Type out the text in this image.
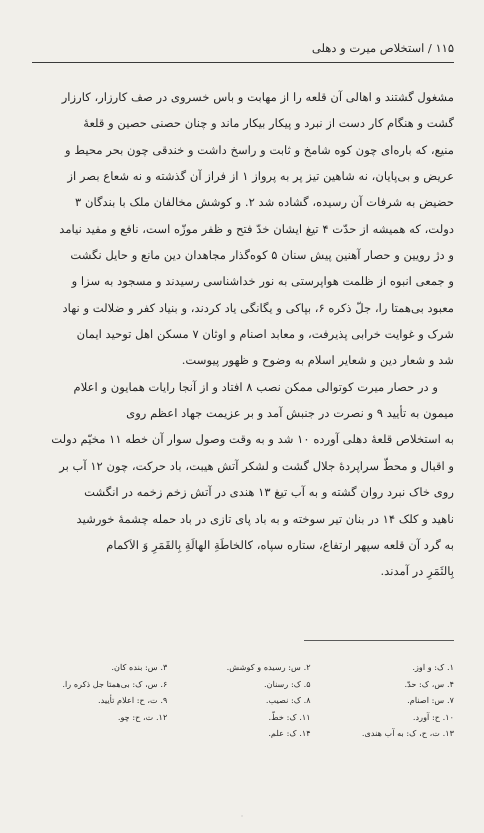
۱۱۵ / استخلاص میرت و دهلی
مشغول گشتند و اهالی آن قلعه را از مهابت و باس خسروی در صف کارزار، کارزار
گشت و هنگام کار دست از نبرد و پیکار بیکار ماند و چنان حصنی حصین و قلعهٔ
منیع، که باره‌ای چون کوه شامخ و ثابت و راسخ داشت و خندقی چون بحر محیط و
عریض و بی‌پایان، نه شاهین تیز پر به پرواز ۱ از فراز آن گذشته و نه شعاع بصر از
حضیض به شرفات آن رسیده، گشاده شد ۲. و کوشش مخالفان ملک با بندگان ۳
دولت، که همیشه از حدّت ۴ تیغ ایشان خدّ فتح و ظفر موزّه است، نافع و مفید نیامد
و دژ رویین و حصار آهنین پیش سنان ۵ کوه‌گذار مجاهدان دین مانع و حایل نگشت
و جمعی انبوه از ظلمت هواپرستی به نور خداشناسی رسیدند و مسجود به سزا و
معبود بی‌همتا را، جلّ ذکره ۶، بپاکی و یگانگی یاد کردند، و بنیاد کفر و ضلالت و نهاد
شرک و غوایت خرابی پذیرفت، و معابد اصنام و اوثان ۷ مسکن اهل توحید ایمان
شد و شعار دین و شعایر اسلام به وضوح و ظهور پیوست.
و در حصار میرت کوتوالی ممکن نصب ۸ افتاد و از آنجا رایات همایون و اعلام
میمون به تأیید ۹ و نصرت در جنبش آمد و بر عزیمت جهاد اعظم روی
به استخلاص قلعهٔ دهلی آورده ۱۰ شد و به وقت وصول سوار آن خطه ۱۱ مخیّم دولت
و اقبال و محطّ سراپردهٔ جلال گشت و لشکر آتش هیبت، باد حرکت، چون ۱۲ آب بر
روی خاک نبرد روان گشته و به آب تیغ ۱۳ هندی در آتش زخم زخمه در انگشت
ناهید و کلک ۱۴ در بنان تیر سوخته و به باد پای تازی در باد حمله چشمهٔ خورشید
به گرد آن قلعه سپهر ارتفاع، ستاره سپاه، کالخاطَةِ الهالَةِ بِالقَمَرِ وَ الاَکمام
بِالثَمَرِ در آمدند.
۱. ک: و اوز.
۲. س: رسیده و کوشش.
۳. س: بنده کان.
۴. س، ک: حدّ.
۵. ک: رسنان.
۶. س، ک: بی‌همتا جل ذکره را.
۷. س: اصنام.
۸. ک: نصیب.
۹. ت، ح: اعلام تأیید.
۱۰. ح: آورد.
۱۱. ک: خطّ.
۱۲. ت، ح: چو.
۱۳. ت، ح، ک: به آب هندی.
۱۴. ک: علم.
·
